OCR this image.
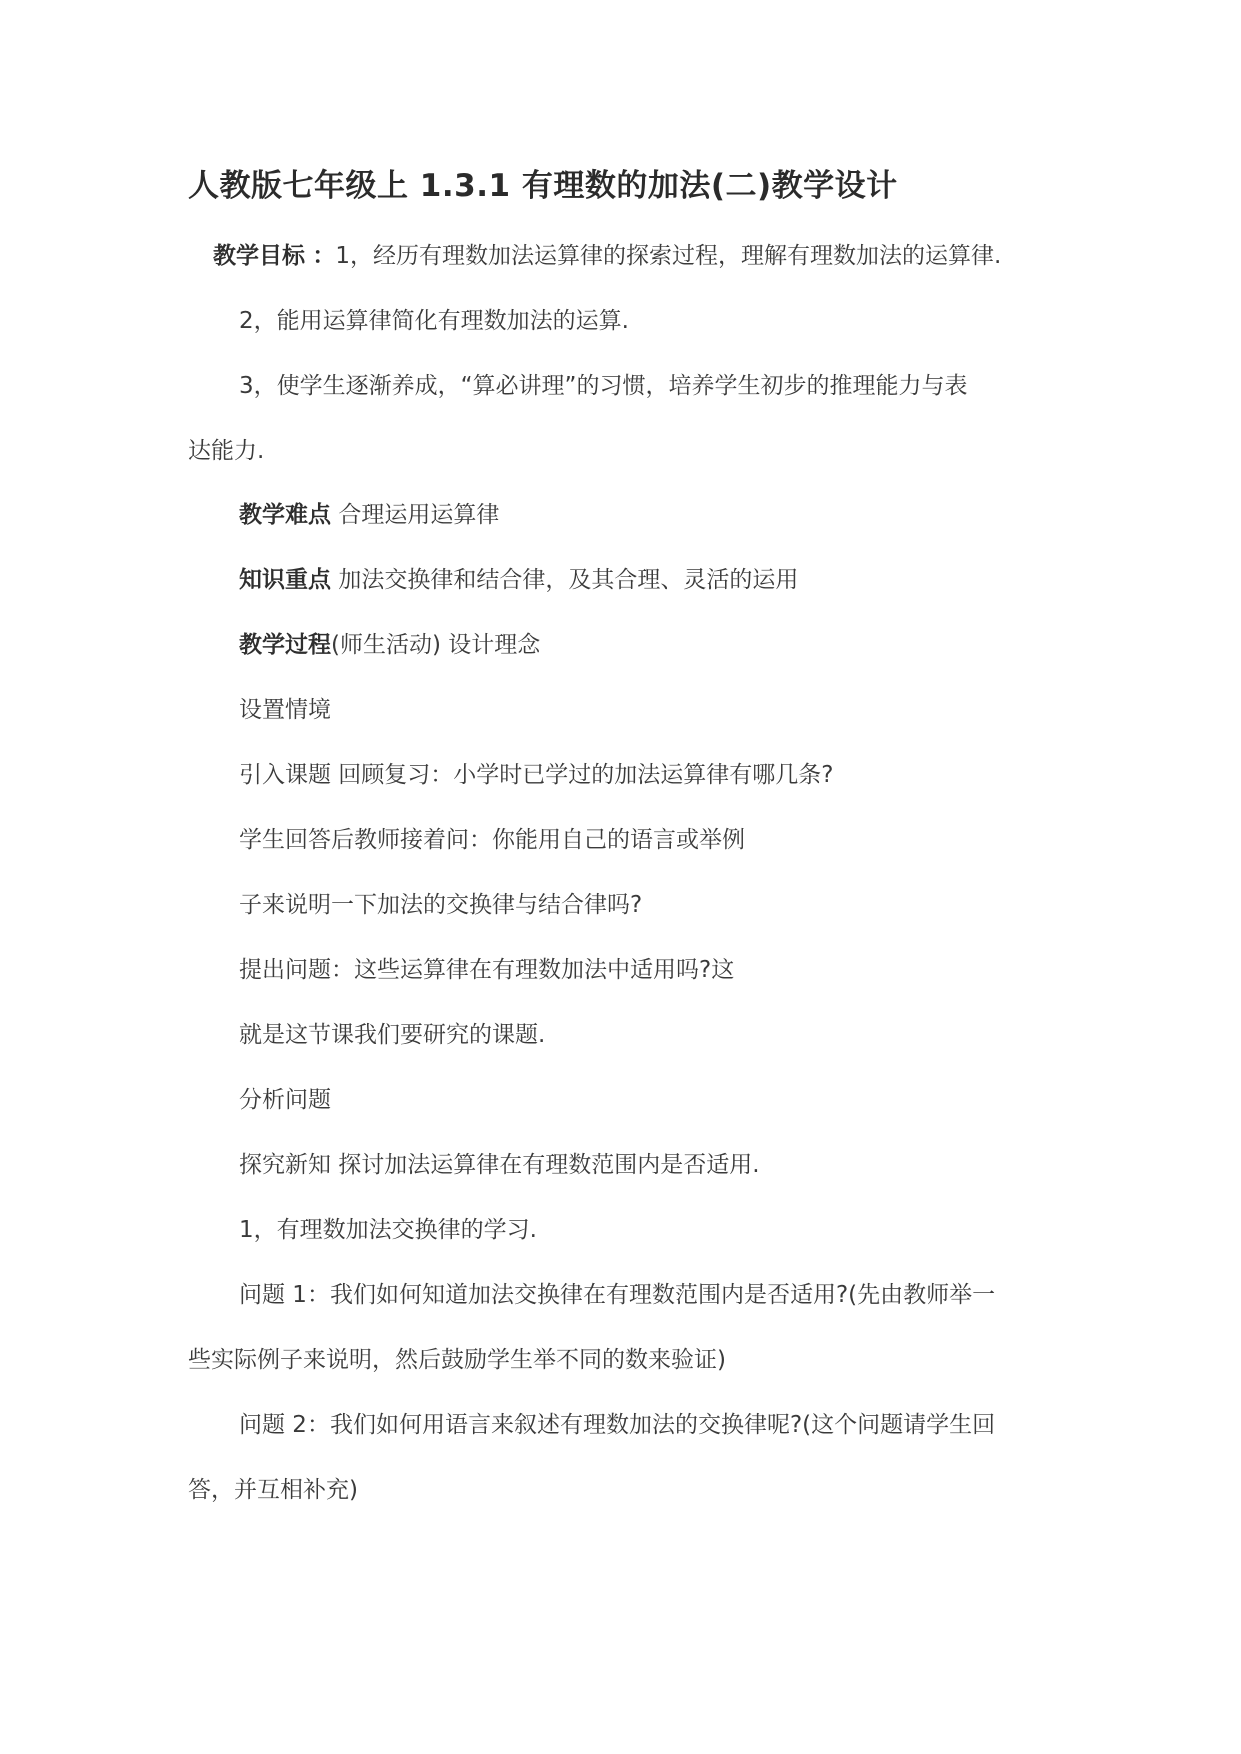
人教版七年级上 1.3.1 有理数的加法(二)教学设计
教学目标 ：1，经历有理数加法运算律的探索过程，理解有理数加法的运算律.
2，能用运算律简化有理数加法的运算.
3，使学生逐渐养成，“算必讲理”的习惯，培养学生初步的推理能力与表
达能力.
教学难点 合理运用运算律
知识重点 加法交换律和结合律，及其合理、灵活的运用
教学过程(师生活动) 设计理念
设置情境
引入课题 回顾复习：小学时已学过的加法运算律有哪几条?
学生回答后教师接着问：你能用自己的语言或举例
子来说明一下加法的交换律与结合律吗?
提出问题：这些运算律在有理数加法中适用吗?这
就是这节课我们要研究的课题.
分析问题
探究新知 探讨加法运算律在有理数范围内是否适用.
1，有理数加法交换律的学习.
问题 1：我们如何知道加法交换律在有理数范围内是否适用?(先由教师举一
些实际例子来说明，然后鼓励学生举不同的数来验证)
问题 2：我们如何用语言来叙述有理数加法的交换律呢?(这个问题请学生回
答，并互相补充)
